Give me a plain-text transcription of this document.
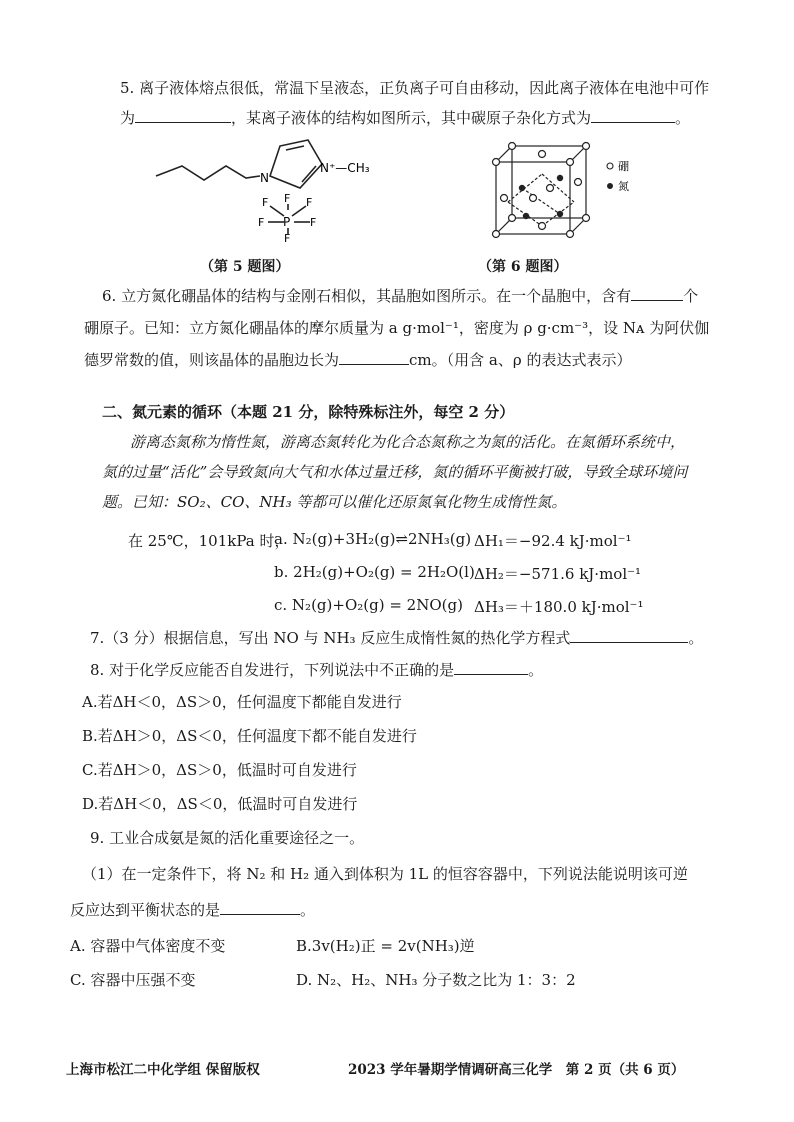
5. 离子液体熔点很低，常温下呈液态，正负离子可自由移动，因此离子液体在电池中可作
为	，某离子液体的结构如图所示，其中碳原子杂化方式为	。
N
N⁺—CH₃
P
F	F
F	F
F
F
硼
氮
（第 5 题图）	（第 6 题图）
6. 立方氮化硼晶体的结构与金刚石相似，其晶胞如图所示。在一个晶胞中，含有	个
硼原子。已知：立方氮化硼晶体的摩尔质量为 a g·mol⁻¹，密度为 ρ g·cm⁻³，设 Nᴀ 为阿伏伽
德罗常数的值，则该晶体的晶胞边长为	cm。（用含 a、ρ 的表达式表示）
二、氮元素的循环（本题 21 分，除特殊标注外，每空 2 分）
游离态氮称为惰性氮，游离态氮转化为化合态氮称之为氮的活化。在氮循环系统中，
氮的过量“活化”会导致氮向大气和水体过量迁移，氮的循环平衡被打破，导致全球环境问
题。已知：SO₂、CO、NH₃ 等都可以催化还原氮氧化物生成惰性氮。
在 25℃，101kPa 时，
a. N₂(g)+3H₂(g)⇌2NH₃(g) ΔH₁＝−92.4 kJ·mol⁻¹
b. 2H₂(g)+O₂(g) = 2H₂O(l) ΔH₂＝−571.6 kJ·mol⁻¹
c. N₂(g)+O₂(g) = 2NO(g) ΔH₃＝＋180.0 kJ·mol⁻¹
7.（3 分）根据信息，写出 NO 与 NH₃ 反应生成惰性氮的热化学方程式	。
8. 对于化学反应能否自发进行，下列说法中不正确的是	。
A.若ΔH＜0，ΔS＞0，任何温度下都能自发进行
B.若ΔH＞0，ΔS＜0，任何温度下都不能自发进行
C.若ΔH＞0，ΔS＞0，低温时可自发进行
D.若ΔH＜0，ΔS＜0，低温时可自发进行
9. 工业合成氨是氮的活化重要途径之一。
（1）在一定条件下，将 N₂ 和 H₂ 通入到体积为 1L 的恒容容器中，下列说法能说明该可逆
反应达到平衡状态的是	。
A. 容器中气体密度不变	B.3v(H₂)正 = 2v(NH₃)逆
C. 容器中压强不变	D. N₂、H₂、NH₃ 分子数之比为 1：3：2
上海市松江二中化学组 保留版权	2023 学年暑期学情调研高三化学　第 2 页（共 6 页）
